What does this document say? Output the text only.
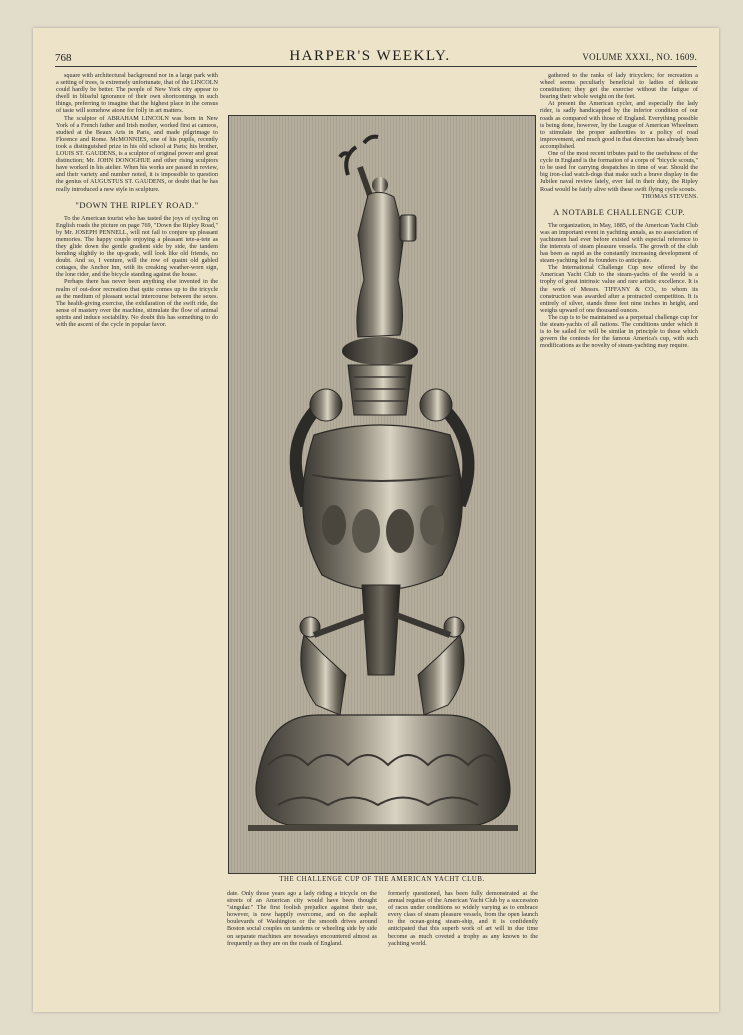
768	HARPER'S WEEKLY.	VOLUME XXXI., NO. 1609.

square with architectural background nor in a large park with a setting of trees, is extremely unfortunate, that of the LINCOLN could hardly be better. The people of New York city appear to dwell in blissful ignorance of their own shortcomings in such things, preferring to imagine that the highest place in the census of taste will somehow atone for folly in art matters.

The sculptor of ABRAHAM LINCOLN was born in New York of a French father and Irish mother, worked first at cameos, studied at the Beaux Arts in Paris, and made pilgrimage to Florence and Rome. McMONNIES, one of his pupils, recently took a distinguished prize in his old school at Paris; his brother, LOUIS ST. GAUDENS, is a sculptor of original power and great distinction; Mr. JOHN DONOGHUE and other rising sculptors have worked in his atelier. When his works are passed in review, and their variety and number noted, it is impossible to question the genius of AUGUSTUS ST. GAUDENS, or doubt that he has really introduced a new style in sculpture.

"DOWN THE RIPLEY ROAD."

To the American tourist who has tasted the joys of cycling on English roads the picture on page 769, "Down the Ripley Road," by Mr. JOSEPH PENNELL, will not fail to conjure up pleasant memories. The happy couple enjoying a pleasant tete-a-tete as they glide down the gentle gradient side by side, the tandem bending slightly to the up-grade, will look like old friends, no doubt. And so, I venture, will the row of quaint old gabled cottages, the Anchor Inn, with its creaking weather-worn sign, the lone rider, and the bicycle standing against the house.

Perhaps there has never been anything else invented in the realm of out-door recreation that quite comes up to the tricycle as the medium of pleasant social intercourse between the sexes. The health-giving exercise, the exhilaration of the swift ride, the sense of mastery over the machine, stimulate the flow of animal spirits and induce sociability. No doubt this has something to do with the ascent of the cycle in popular favor.

THE CHALLENGE CUP OF THE AMERICAN YACHT CLUB.
date. Only those years ago a lady riding a tricycle on the streets of an American city would have been thought "singular." The first foolish prejudice against their use, however, is now happily overcome, and on the asphalt boulevards of Washington or the smooth drives around Boston social couples on tandems or wheeling side by side on separate machines are nowadays encountered almost as frequently as they are on the roads of England.
formerly questioned, has been fully demonstrated at the annual regattas of the American Yacht Club by a succession of races under conditions so widely varying as to embrace every class of steam pleasure vessels, from the open launch to the ocean-going steam-ship, and it is confidently anticipated that this superb work of art will in due time become as much coveted a trophy as any known to the yachting world.

gathered to the ranks of lady tricyclers; for recreation a wheel seems peculiarly beneficial to ladies of delicate constitution; they get the exercise without the fatigue of bearing their whole weight on the feet.

At present the American cycler, and especially the lady rider, is sadly handicapped by the inferior condition of our roads as compared with those of England. Everything possible is being done, however, by the League of American Wheelmen to stimulate the proper authorities to a policy of road improvement, and much good in that direction has already been accomplished.

One of the most recent tributes paid to the usefulness of the cycle in England is the formation of a corps of "bicycle scouts," to be used for carrying despatches in time of war. Should the big iron-clad watch-dogs that make such a brave display in the Jubilee naval review lately, ever fail in their duty, the Ripley Road would be fairly alive with these swift flying cycle scouts.

THOMAS STEVENS.

A NOTABLE CHALLENGE CUP.

The organization, in May, 1885, of the American Yacht Club was an important event in yachting annals, as no association of yachtsmen had ever before existed with especial reference to the interests of steam pleasure vessels. The growth of the club has been as rapid as the constantly increasing development of steam-yachting led its founders to anticipate.

The International Challenge Cup now offered by the American Yacht Club to the steam-yachts of the world is a trophy of great intrinsic value and rare artistic excellence. It is the work of Messrs. TIFFANY & CO., to whom its construction was awarded after a protracted competition. It is entirely of silver, stands three feet nine inches in height, and weighs upward of one thousand ounces.

The cup is to be maintained as a perpetual challenge cup for the steam-yachts of all nations. The conditions under which it is to be sailed for will be similar in principle to those which govern the contests for the famous America's cup, with such modifications as the novelty of steam-yachting may require.
